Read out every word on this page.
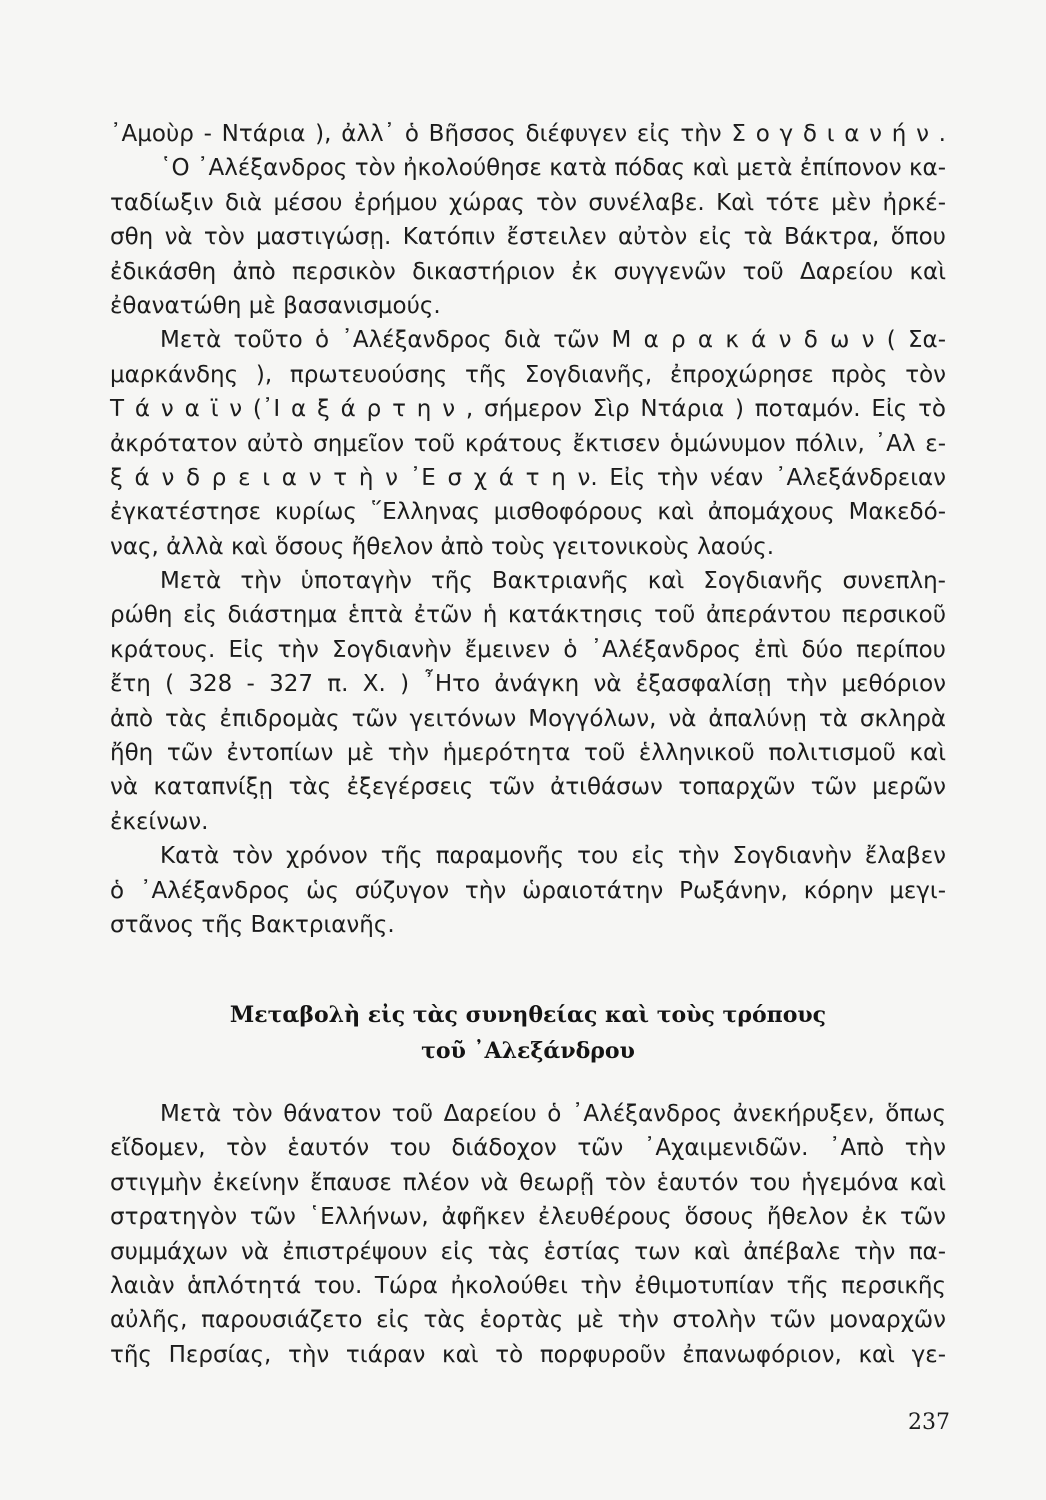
᾿Αμοὺρ - Ντάρια ), ἀλλ᾿ ὁ Βῆσσος διέφυγεν εἰς τὴν Σ ο γ δ ι α ν ή ν .
῾Ο ᾿Αλέξανδρος τὸν ἠκολούθησε κατὰ πόδας καὶ μετὰ ἐπίπονον κα-
ταδίωξιν διὰ μέσου ἐρήμου χώρας τὸν συνέλαβε. Καὶ τότε μὲν ἠρκέ-
σθη νὰ τὸν μαστιγώσῃ. Κατόπιν ἔστειλεν αὐτὸν εἰς τὰ Βάκτρα, ὅπου
ἐδικάσθη ἀπὸ περσικὸν δικαστήριον ἐκ συγγενῶν τοῦ Δαρείου καὶ
ἐθανατώθη μὲ βασανισμούς.
Μετὰ τοῦτο ὁ ᾿Αλέξανδρος διὰ τῶν Μ α ρ α κ ά ν δ ω ν ( Σα-
μαρκάνδης ), πρωτευούσης τῆς Σογδιανῆς, ἐπροχώρησε πρὸς τὸν
Τ ά ν α ϊ ν (᾿Ι α ξ ά ρ τ η ν , σήμερον Σὶρ Ντάρια ) ποταμόν. Εἰς τὸ
ἀκρότατον αὐτὸ σημεῖον τοῦ κράτους ἔκτισεν ὁμώνυμον πόλιν, ᾿Αλ ε-
ξ ά ν δ ρ ε ι α ν τ ὴ ν ᾿Ε σ χ ά τ η ν. Εἰς τὴν νέαν ᾿Αλεξάνδρειαν
ἐγκατέστησε κυρίως ῞Ελληνας μισθοφόρους καὶ ἀπομάχους Μακεδό-
νας, ἀλλὰ καὶ ὅσους ἤθελον ἀπὸ τοὺς γειτονικοὺς λαούς.
Μετὰ τὴν ὑποταγὴν τῆς Βακτριανῆς καὶ Σογδιανῆς συνεπλη-
ρώθη εἰς διάστημα ἑπτὰ ἐτῶν ἡ κατάκτησις τοῦ ἀπεράντου περσικοῦ
κράτους. Εἰς τὴν Σογδιανὴν ἔμεινεν ὁ ᾿Αλέξανδρος ἐπὶ δύο περίπου
ἔτη ( 328 - 327 π. Χ. ) ῏Ητο ἀνάγκη νὰ ἐξασφαλίσῃ τὴν μεθόριον
ἀπὸ τὰς ἐπιδρομὰς τῶν γειτόνων Μογγόλων, νὰ ἀπαλύνῃ τὰ σκληρὰ
ἤθη τῶν ἐντοπίων μὲ τὴν ἡμερότητα τοῦ ἑλληνικοῦ πολιτισμοῦ καὶ
νὰ καταπνίξῃ τὰς ἐξεγέρσεις τῶν ἀτιθάσων τοπαρχῶν τῶν μερῶν
ἐκείνων.
Κατὰ τὸν χρόνον τῆς παραμονῆς του εἰς τὴν Σογδιανὴν ἔλαβεν
ὁ ᾿Αλέξανδρος ὡς σύζυγον τὴν ὡραιοτάτην Ρωξάνην, κόρην μεγι-
στᾶνος τῆς Βακτριανῆς.
Μεταβολὴ εἰς τὰς συνηθείας καὶ τοὺς τρόπους
τοῦ ᾿Αλεξάνδρου
Μετὰ τὸν θάνατον τοῦ Δαρείου ὁ ᾿Αλέξανδρος ἀνεκήρυξεν, ὅπως
εἴδομεν, τὸν ἑαυτόν του διάδοχον τῶν ᾿Αχαιμενιδῶν. ᾿Απὸ τὴν
στιγμὴν ἐκείνην ἔπαυσε πλέον νὰ θεωρῇ τὸν ἑαυτόν του ἡγεμόνα καὶ
στρατηγὸν τῶν ῾Ελλήνων, ἀφῆκεν ἐλευθέρους ὅσους ἤθελον ἐκ τῶν
συμμάχων νὰ ἐπιστρέψουν εἰς τὰς ἑστίας των καὶ ἀπέβαλε τὴν πα-
λαιὰν ἁπλότητά του. Τώρα ἠκολούθει τὴν ἐθιμοτυπίαν τῆς περσικῆς
αὐλῆς, παρουσιάζετο εἰς τὰς ἑορτὰς μὲ τὴν στολὴν τῶν μοναρχῶν
τῆς Περσίας, τὴν τιάραν καὶ τὸ πορφυροῦν ἐπανωφόριον, καὶ γε-
237
